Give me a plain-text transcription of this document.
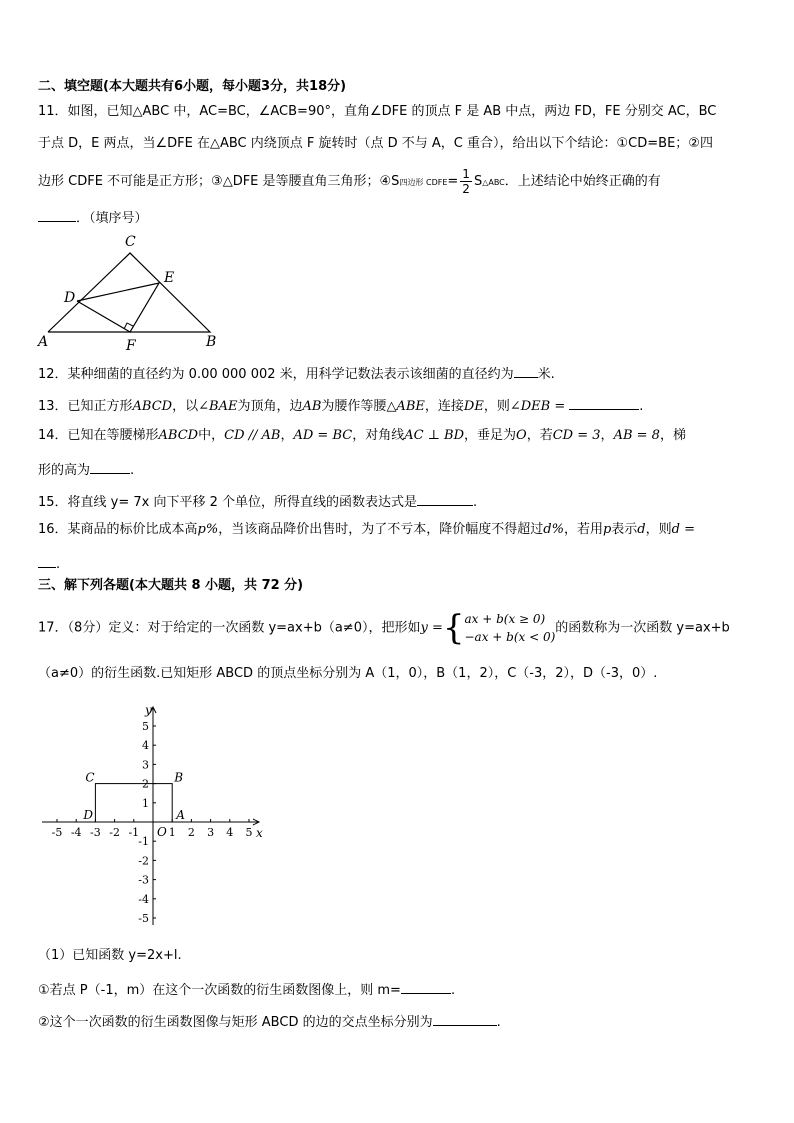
二、填空题(本大题共有6小题，每小题3分，共18分)
11．如图，已知△ABC 中，AC=BC，∠ACB=90°，直角∠DFE 的顶点 F 是 AB 中点，两边 FD，FE 分别交 AC，BC
于点 D，E 两点，当∠DFE 在△ABC 内绕顶点 F 旋转时（点 D 不与 A，C 重合），给出以下个结论：①CD=BE；②四
边形 CDFE 不可能是正方形；③△DFE 是等腰直角三角形；④S四边形 CDFE= $\frac{1}{2}$ S△ABC．上述结论中始终正确的有
．（填序号）
C
E
D
A	B
F
12．某种细菌的直径约为 0.00 000 002 米，用科学记数法表示该细菌的直径约为 米.
13．已知正方形ABCD，以∠BAE为顶角，边AB为腰作等腰△ABE，连接DE，则∠DEB =	.
14．已知在等腰梯形ABCD中，CD // AB，AD = BC，对角线AC ⊥ BD，垂足为O，若CD = 3，AB = 8，梯
形的高为	.
15．将直线 y= 7x 向下平移 2 个单位，所得直线的函数表达式是	.
16．某商品的标价比成本高p%，当该商品降价出售时，为了不亏本，降价幅度不得超过d%，若用p表示d，则d =
.
三、解下列各题(本大题共 8 小题，共 72 分)
17．（8分）定义：对于给定的一次函数 y=ax+b（a≠0），把形如y ={ ax + b(x ≥ 0)
−ax + b(x < 0)
的函数称为一次函数 y=ax+b
（a≠0）的衍生函数.已知矩形 ABCD 的顶点坐标分别为 A（1，0），B（1，2），C（-3，2），D（-3，0）.
-5 -4 -3 -2 -1	1 2 3 4 5
5
4
3
2
1
-1
-2
-3
-4
-5
x
y
O
A
B
C
D
（1）已知函数 y=2x+l.
①若点 P（-1，m）在这个一次函数的衍生函数图像上，则 m=	.
②这个一次函数的衍生函数图像与矩形 ABCD 的边的交点坐标分别为	.
